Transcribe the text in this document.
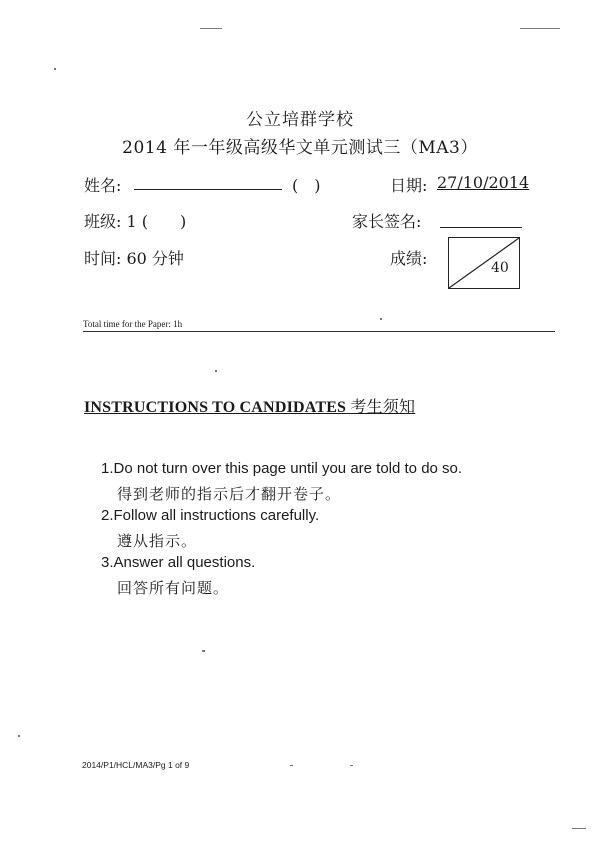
公立培群学校
2014 年一年级高级华文单元测试三（MA3）
姓名:	(　)	日期: 27/10/2014
班级: 1 (　　)	家长签名:
时间: 60 分钟	成绩:	40
Total time for the Paper: 1h
INSTRUCTIONS TO CANDIDATES 考生须知
1.Do not turn over this page until you are told to do so.
得到老师的指示后才翻开卷子。
2.Follow all instructions carefully.
遵从指示。
3.Answer all questions.
回答所有问题。
2014/P1/HCL/MA3/Pg 1 of 9
